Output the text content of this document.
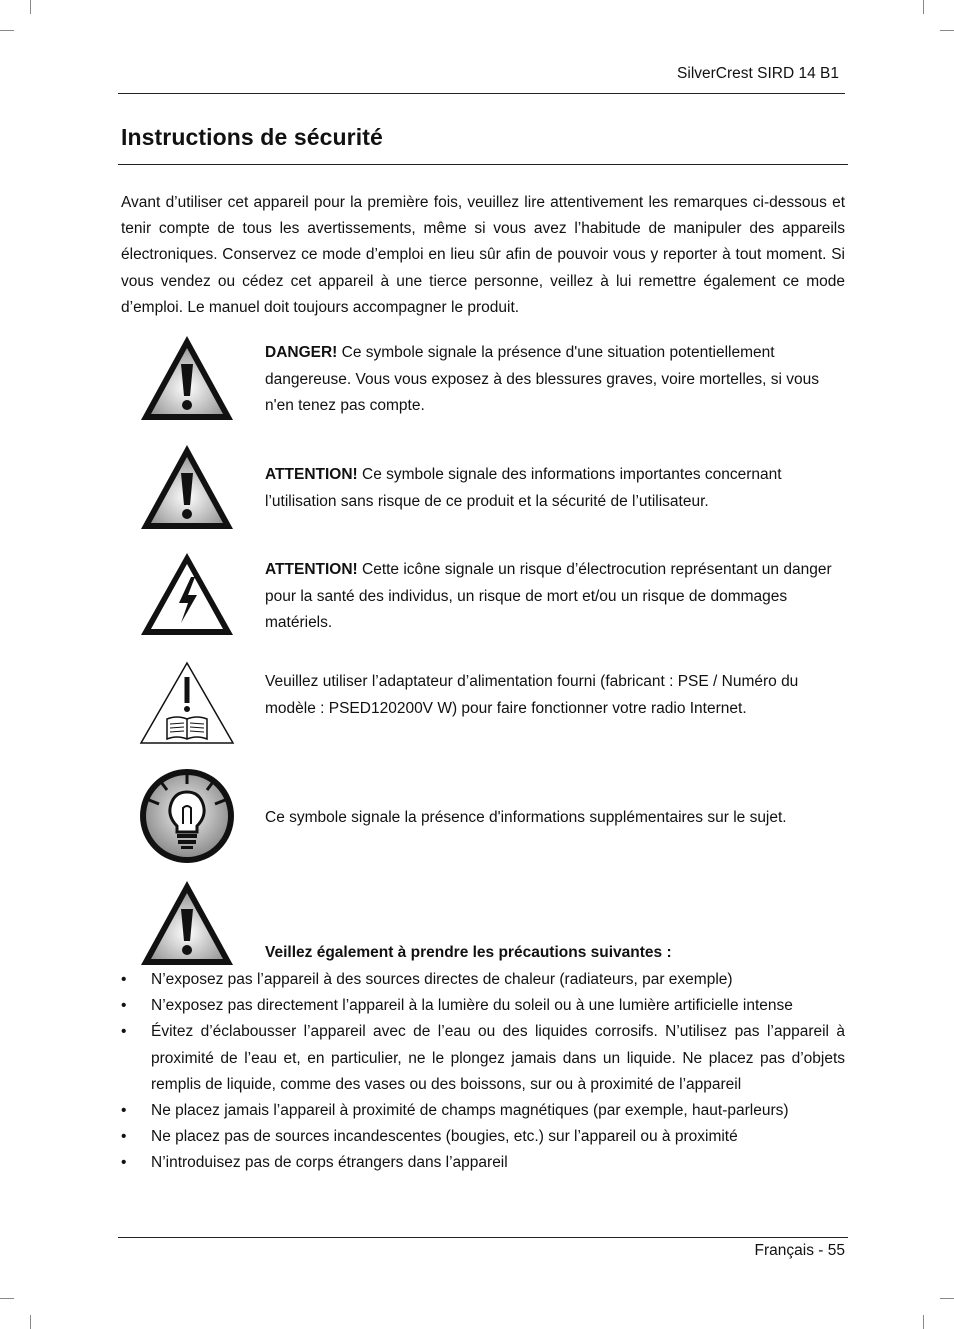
SilverCrest SIRD 14 B1
Instructions de sécurité

Avant d’utiliser cet appareil pour la première fois, veuillez lire attentivement les remarques ci-dessous et tenir compte de tous les avertissements, même si vous avez l’habitude de manipuler des appareils électroniques. Conservez ce mode d’emploi en lieu sûr afin de pouvoir vous y reporter à tout moment. Si vous vendez ou cédez cet appareil à une tierce personne, veillez à lui remettre également ce mode d’emploi. Le manuel doit toujours accompagner le produit.

DANGER! Ce symbole signale la présence d'une situation potentiellement dangereuse. Vous vous exposez à des blessures graves, voire mortelles, si vous n'en tenez pas compte.

ATTENTION! Ce symbole signale des informations importantes concernant l’utilisation sans risque de ce produit et la sécurité de l’utilisateur.

ATTENTION! Cette icône signale un risque d’électrocution représentant un danger pour la santé des individus, un risque de mort et/ou un risque de dommages matériels.

Veuillez utiliser l’adaptateur d’alimentation fourni (fabricant : PSE / Numéro du modèle : PSED120200V W) pour faire fonctionner votre radio Internet.

Ce symbole signale la présence d'informations supplémentaires sur le sujet.

Veillez également à prendre les précautions suivantes :

• N’exposez pas l’appareil à des sources directes de chaleur (radiateurs, par exemple)
• N’exposez pas directement l’appareil à la lumière du soleil ou à une lumière artificielle intense
• Évitez d’éclabousser l’appareil avec de l’eau ou des liquides corrosifs. N’utilisez pas l’appareil à proximité de l’eau et, en particulier, ne le plongez jamais dans un liquide. Ne placez pas d’objets remplis de liquide, comme des vases ou des boissons, sur ou à proximité de l’appareil
• Ne placez jamais l’appareil à proximité de champs magnétiques (par exemple, haut-parleurs)
• Ne placez pas de sources incandescentes (bougies, etc.) sur l’appareil ou à proximité
• N’introduisez pas de corps étrangers dans l’appareil
Français - 55
